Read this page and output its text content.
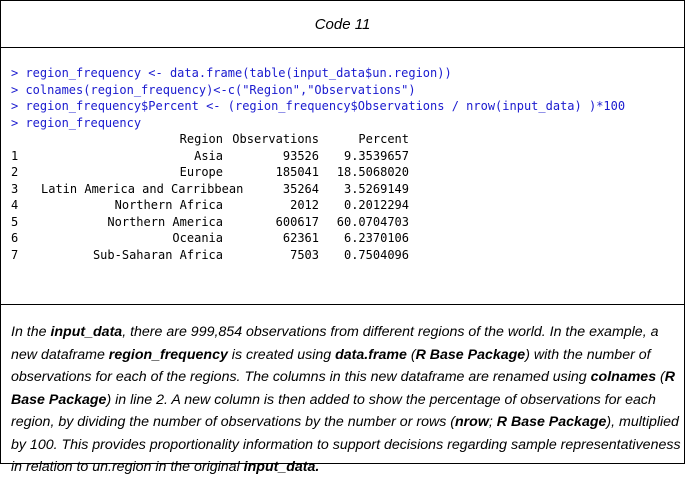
Code 11
> region_frequency <- data.frame(table(input_data$un.region))
> colnames(region_frequency)<-c("Region","Observations")
> region_frequency$Percent <- (region_frequency$Observations / nrow(input_data) )*100
> region_frequency
Region Observations	Percent
1	Asia	93526 9.3539657
2	Europe	185041 18.5068020
3 Latin America and Carribbean	35264 3.5269149
4	Northern Africa	2012 0.2012294
5	Northern America	600617 60.0704703
6	Oceania	62361 6.2370106
7	Sub-Saharan Africa	7503 0.7504096
In the input_data, there are 999,854 observations from different regions of the world. In the example, a new dataframe region_frequency is created using data.frame (R Base Package) with the number of observations for each of the regions. The columns in this new dataframe are renamed using colnames (R Base Package) in line 2. A new column is then added to show the percentage of observations for each region, by dividing the number of observations by the number or rows (nrow; R Base Package), multiplied by 100. This provides proportionality information to support decisions regarding sample representativeness in relation to un.region in the original input_data.
